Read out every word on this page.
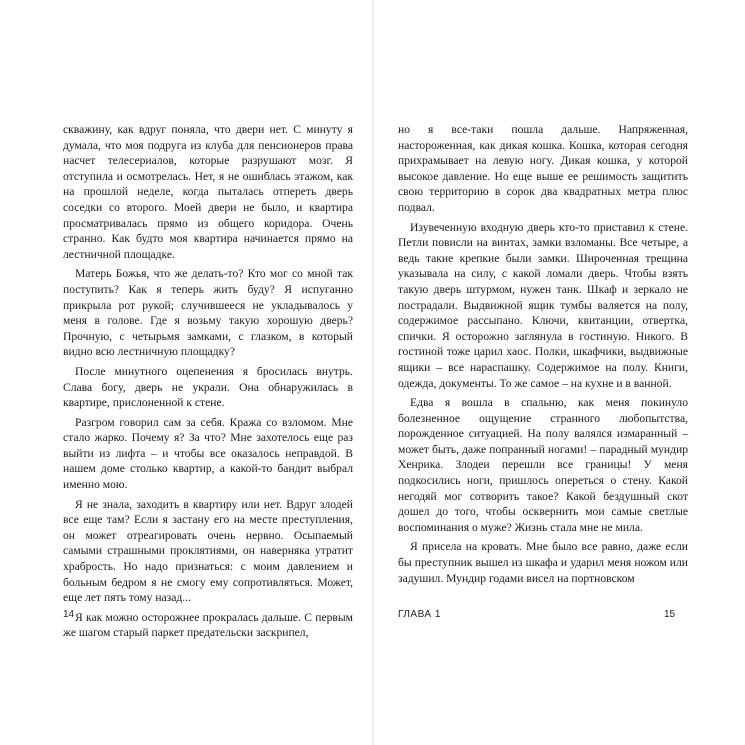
скважину, как вдруг поняла, что двери нет. С минуту я думала, что моя подруга из клуба для пенсионеров права насчет телесериалов, которые разрушают мозг. Я отступила и осмотрелась. Нет, я не ошиблась этажом, как на прошлой неделе, когда пыталась отперeть дверь соседки со второго. Моей двери не было, и квартира просматривалась прямо из общего коридора. Очень странно. Как будто моя квартира начинается прямо на лестничной площадке.

Матерь Божья, что же делать-то? Кто мог со мной так поступить? Как я теперь жить буду? Я испуганно прикрыла рот рукой; случившееся не укладывалось у меня в голове. Где я возьму такую хорошую дверь? Прочную, с четырьмя замками, с глазком, в который видно всю лестничную площадку?

После минутного оцепенения я бросилась внутрь. Слава богу, дверь не украли. Она обнаружилась в квартире, прислоненной к стене.

Разгром говорил сам за себя. Кража со взломом. Мне стало жарко. Почему я? За что? Мне захотелось еще раз выйти из лифта – и чтобы все оказалось неправдой. В нашем доме столько квартир, а какой-то бандит выбрал именно мою.

Я не знала, заходить в квартиру или нет. Вдруг злодей все еще там? Если я застану его на месте преступления, он может отреагировать очень нервно. Осыпаемый самыми страшными проклятиями, он наверняка утратит храбрость. Но надо признаться: с моим давлением и больным бедром я не смогу ему сопротивляться. Может, еще лет пять тому назад...

Я как можно осторожнее прокралась дальше. С первым же шагом старый паркет предательски заскрипел,

но я все-таки пошла дальше. Напряженная, настороженная, как дикая кошка. Кошка, которая сегодня прихрамывает на левую ногу. Дикая кошка, у которой высокое давление. Но еще выше ее решимость защитить свою территорию в сорок два квадратных метра плюс подвал.

Изувеченную входную дверь кто-то приставил к стене. Петли повисли на винтах, замки взломаны. Все четыре, а ведь такие крепкие были замки. Широченная трещина указывала на силу, с какой ломали дверь. Чтобы взять такую дверь штурмом, нужен танк. Шкаф и зеркало не пострадали. Выдвижной ящик тумбы валяется на полу, содержимое рассыпано. Ключи, квитанции, отвертка, спички. Я осторожно заглянула в гостиную. Никого. В гостиной тоже царил хаос. Полки, шкафчики, выдвижные ящики – все нараспашку. Содержимое на полу. Книги, одежда, документы. То же самое – на кухне и в ванной.

Едва я вошла в спальню, как меня покинуло болезненное ощущение странного любопытства, порожденное ситуацией. На полу валялся измаранный – может быть, даже попранный ногами! – парадный мундир Хенрика. Злодеи перешли все границы! У меня подкосились ноги, пришлось опереться о стену. Какой негодяй мог сотворить такое? Какой бездушный скот дошел до того, чтобы осквернить мои самые светлые воспоминания о муже? Жизнь стала мне не мила.

Я присела на кровать. Мне было все равно, даже если бы преступник вышел из шкафа и ударил меня ножом или задушил. Мундир годами висел на портновском

14	ГЛАВА 1	15
